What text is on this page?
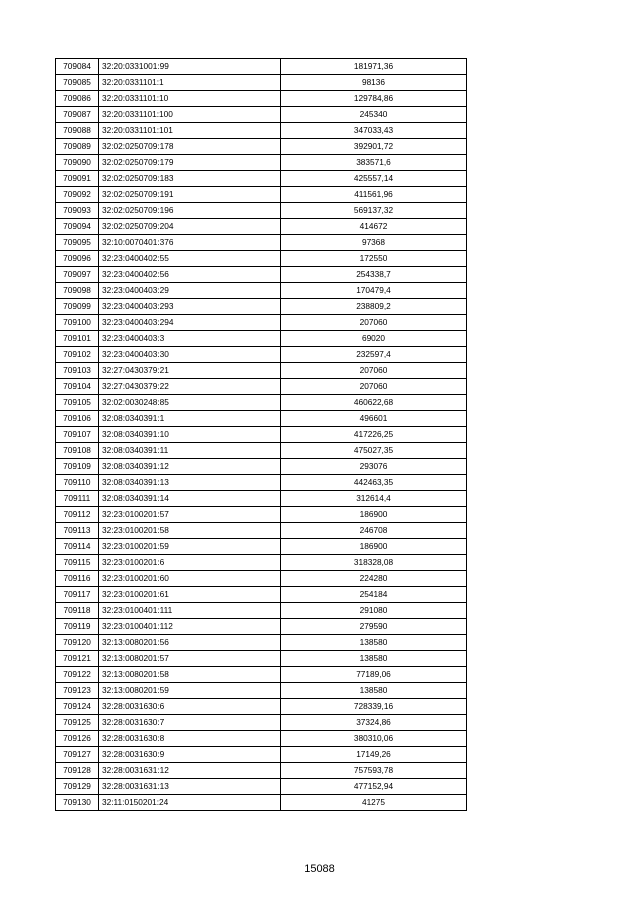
709084	32:20:0331001:99	181971,36
709085	32:20:0331101:1	98136
709086	32:20:0331101:10	129784,86
709087	32:20:0331101:100	245340
709088	32:20:0331101:101	347033,43
709089	32:02:0250709:178	392901,72
709090	32:02:0250709:179	383571,6
709091	32:02:0250709:183	425557,14
709092	32:02:0250709:191	411561,96
709093	32:02:0250709:196	569137,32
709094	32:02:0250709:204	414672
709095	32:10:0070401:376	97368
709096	32:23:0400402:55	172550
709097	32:23:0400402:56	254338,7
709098	32:23:0400403:29	170479,4
709099	32:23:0400403:293	238809,2
709100	32:23:0400403:294	207060
709101	32:23:0400403:3	69020
709102	32:23:0400403:30	232597,4
709103	32:27:0430379:21	207060
709104	32:27:0430379:22	207060
709105	32:02:0030248:85	460622,68
709106	32:08:0340391:1	496601
709107	32:08:0340391:10	417226,25
709108	32:08:0340391:11	475027,35
709109	32:08:0340391:12	293076
709110	32:08:0340391:13	442463,35
709111	32:08:0340391:14	312614,4
709112	32:23:0100201:57	186900
709113	32:23:0100201:58	246708
709114	32:23:0100201:59	186900
709115	32:23:0100201:6	318328,08
709116	32:23:0100201:60	224280
709117	32:23:0100201:61	254184
709118	32:23:0100401:111	291080
709119	32:23:0100401:112	279590
709120	32:13:0080201:56	138580
709121	32:13:0080201:57	138580
709122	32:13:0080201:58	77189,06
709123	32:13:0080201:59	138580
709124	32:28:0031630:6	728339,16
709125	32:28:0031630:7	37324,86
709126	32:28:0031630:8	380310,06
709127	32:28:0031630:9	17149,26
709128	32:28:0031631:12	757593,78
709129	32:28:0031631:13	477152,94
709130	32:11:0150201:24	41275
15088
